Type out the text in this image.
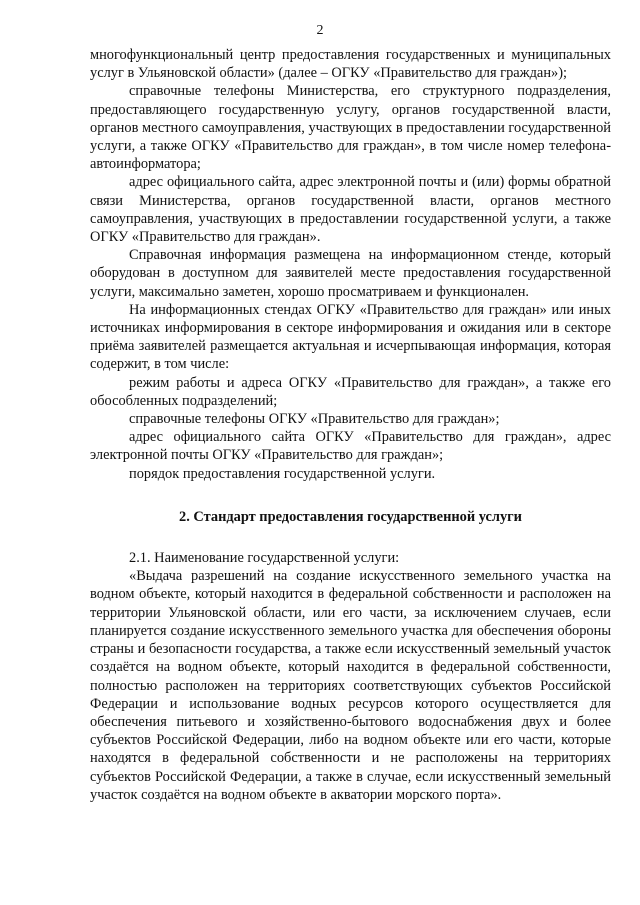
2

многофункциональный центр предоставления государственных и муниципальных услуг в Ульяновской области» (далее – ОГКУ «Правительство для граждан»);

справочные телефоны Министерства, его структурного подразделения, предоставляющего государственную услугу, органов государственной власти, органов местного самоуправления, участвующих в предоставлении государственной услуги, а также ОГКУ «Правительство для граждан», в том числе номер телефона-автоинформатора;

адрес официального сайта, адрес электронной почты и (или) формы обратной связи Министерства, органов государственной власти, органов местного самоуправления, участвующих в предоставлении государственной услуги, а также ОГКУ «Правительство для граждан».

Справочная информация размещена на информационном стенде, который оборудован в доступном для заявителей месте предоставления государственной услуги, максимально заметен, хорошо просматриваем и функционален.

На информационных стендах ОГКУ «Правительство для граждан» или иных источниках информирования в секторе информирования и ожидания или в секторе приёма заявителей размещается актуальная и исчерпывающая информация, которая содержит, в том числе:

режим работы и адреса ОГКУ «Правительство для граждан», а также его обособленных подразделений;

справочные телефоны ОГКУ «Правительство для граждан»;

адрес официального сайта ОГКУ «Правительство для граждан», адрес электронной почты ОГКУ «Правительство для граждан»;

порядок предоставления государственной услуги.

2. Стандарт предоставления государственной услуги

2.1. Наименование государственной услуги:

«Выдача разрешений на создание искусственного земельного участка на водном объекте, который находится в федеральной собственности и расположен на территории Ульяновской области, или его части, за исключением случаев, если планируется создание искусственного земельного участка для обеспечения обороны страны и безопасности государства, а также если искусственный земельный участок создаётся на водном объекте, который находится в федеральной собственности, полностью расположен на территориях соответствующих субъектов Российской Федерации и использование водных ресурсов которого осуществляется для обеспечения питьевого и хозяйственно-бытового водоснабжения двух и более субъектов Российской Федерации, либо на водном объекте или его части, которые находятся в федеральной собственности и не расположены на территориях субъектов Российской Федерации, а также в случае, если искусственный земельный участок создаётся на водном объекте в акватории морского порта».
